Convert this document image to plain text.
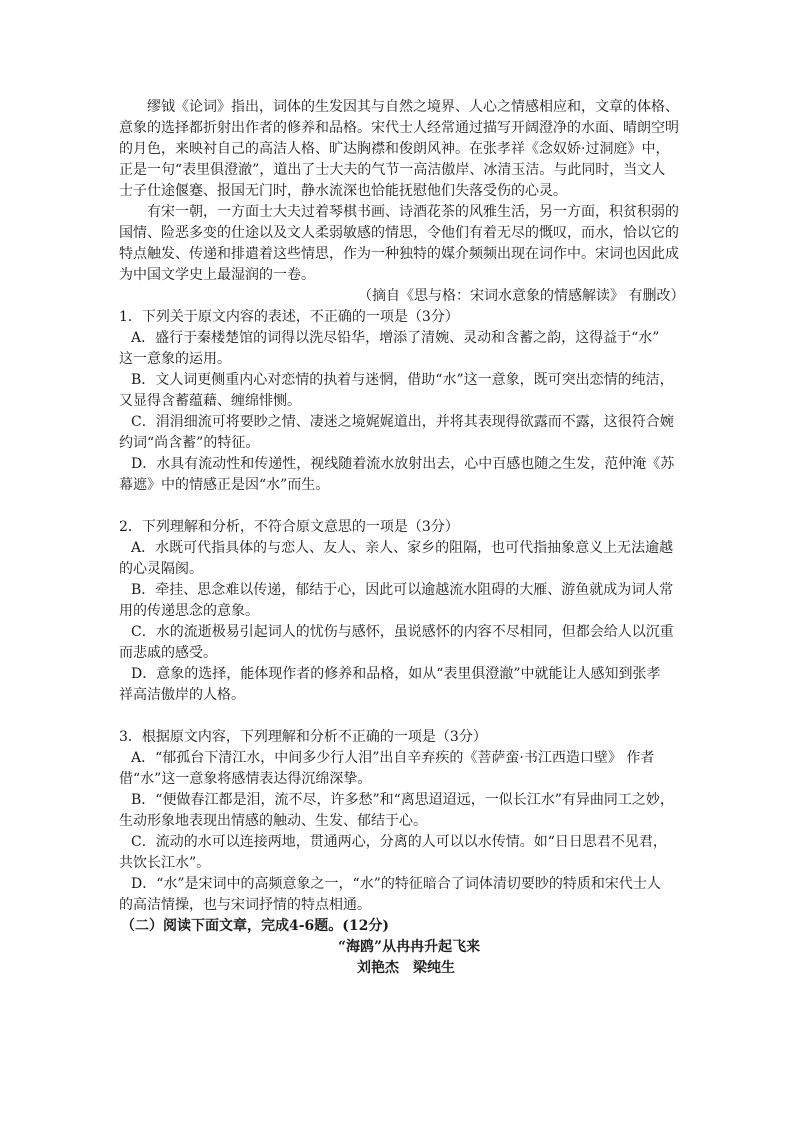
缪钺《论词》指出，词体的生发因其与自然之境界、人心之情感相应和，文章的体格、
意象的选择都折射出作者的修养和品格。宋代士人经常通过描写开阔澄净的水面、晴朗空明
的月色，来映衬自己的高洁人格、旷达胸襟和俊朗风神。在张孝祥《念奴娇·过洞庭》中，
正是一句“表里俱澄澈”，道出了士大夫的气节一高洁傲岸、冰清玉洁。与此同时，当文人
士子仕途偃蹇、报国无门时，静水流深也恰能抚慰他们失落受伤的心灵。
有宋一朝，一方面士大夫过着琴棋书画、诗酒花茶的风雅生活，另一方面，积贫积弱的
国情、险恶多变的仕途以及文人柔弱敏感的情思，令他们有着无尽的慨叹，而水，恰以它的
特点触发、传递和排遣着这些情思，作为一种独特的媒介频频出现在词作中。宋词也因此成
为中国文学史上最湿润的一卷。
（摘自《思与格：宋词水意象的情感解读》 有删改）
1．下列关于原文内容的表述，不正确的一项是（3分）
A．盛行于秦楼楚馆的词得以洗尽铅华，增添了清婉、灵动和含蓄之韵，这得益于“水”
这一意象的运用。
B．文人词更侧重内心对恋情的执着与迷惘，借助“水”这一意象，既可突出恋情的纯洁，
又显得含蓄蕴藉、缠绵悱恻。
C．涓涓细流可将要眇之情、凄迷之境娓娓道出，并将其表现得欲露而不露，这很符合婉
约词“尚含蓄”的特征。
D．水具有流动性和传递性，视线随着流水放射出去，心中百感也随之生发，范仲淹《苏
幕遮》中的情感正是因“水”而生。
2．下列理解和分析，不符合原文意思的一项是（3分）
A．水既可代指具体的与恋人、友人、亲人、家乡的阻隔，也可代指抽象意义上无法逾越
的心灵隔阂。
B．牵挂、思念难以传递，郁结于心，因此可以逾越流水阻碍的大雁、游鱼就成为词人常
用的传递思念的意象。
C．水的流逝极易引起词人的忧伤与感怀，虽说感怀的内容不尽相同，但都会给人以沉重
而悲戚的感受。
D．意象的选择，能体现作者的修养和品格，如从“表里俱澄澈”中就能让人感知到张孝
祥高洁傲岸的人格。
3．根据原文内容，下列理解和分析不正确的一项是（3分）
A．“郁孤台下清江水，中间多少行人泪”出自辛弃疾的《菩萨蛮·书江西造口壁》 作者
借“水”这一意象将感情表达得沉绵深挚。
B．“便做春江都是泪，流不尽，许多愁”和“离思迢迢远，一似长江水”有异曲同工之妙，
生动形象地表现出情感的触动、生发、郁结于心。
C．流动的水可以连接两地，贯通两心，分离的人可以以水传情。如“日日思君不见君，
共饮长江水”。
D．“水”是宋词中的高频意象之一，“水”的特征暗合了词体清切要眇的特质和宋代士人
的高洁情操，也与宋词抒情的特点相通。
（二）阅读下面文章，完成4-6题。(12分)
“海鸥”从冉冉升起飞来
刘艳杰　梁纯生
